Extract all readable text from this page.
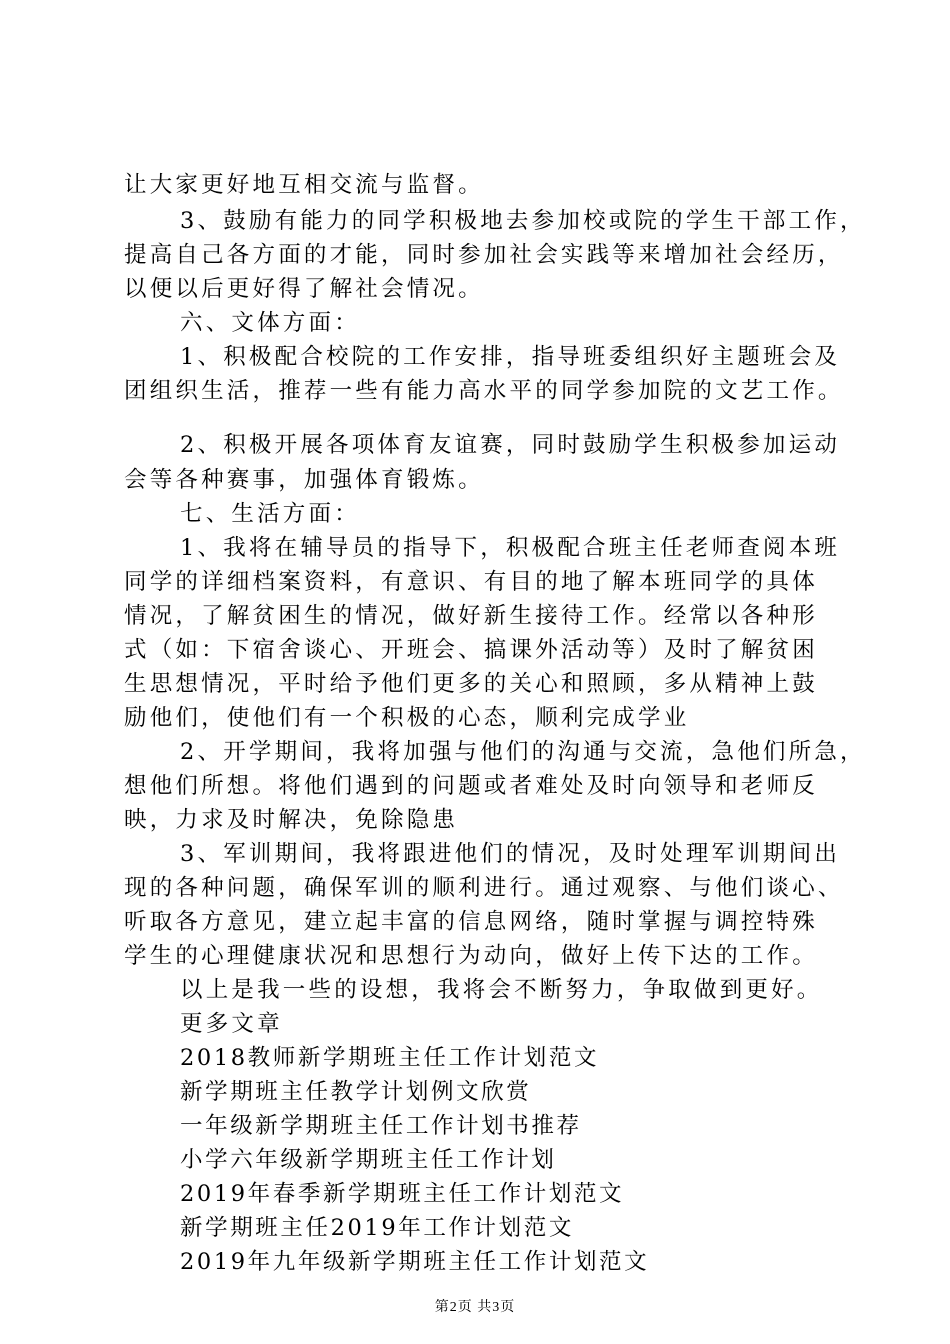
让大家更好地互相交流与监督。
3、鼓励有能力的同学积极地去参加校或院的学生干部工作，
提高自己各方面的才能，同时参加社会实践等来增加社会经历，
以便以后更好得了解社会情况。
六、文体方面：
1、积极配合校院的工作安排，指导班委组织好主题班会及
团组织生活，推荐一些有能力高水平的同学参加院的文艺工作。
2、积极开展各项体育友谊赛，同时鼓励学生积极参加运动
会等各种赛事，加强体育锻炼。
七、生活方面：
1、我将在辅导员的指导下，积极配合班主任老师查阅本班
同学的详细档案资料，有意识、有目的地了解本班同学的具体
情况，了解贫困生的情况，做好新生接待工作。经常以各种形
式（如：下宿舍谈心、开班会、搞课外活动等）及时了解贫困
生思想情况，平时给予他们更多的关心和照顾，多从精神上鼓
励他们，使他们有一个积极的心态，顺利完成学业
2、开学期间，我将加强与他们的沟通与交流，急他们所急，
想他们所想。将他们遇到的问题或者难处及时向领导和老师反
映，力求及时解决，免除隐患
3、军训期间，我将跟进他们的情况，及时处理军训期间出
现的各种问题，确保军训的顺利进行。通过观察、与他们谈心、
听取各方意见，建立起丰富的信息网络，随时掌握与调控特殊
学生的心理健康状况和思想行为动向，做好上传下达的工作。
以上是我一些的设想，我将会不断努力，争取做到更好。
更多文章
2018教师新学期班主任工作计划范文
新学期班主任教学计划例文欣赏
一年级新学期班主任工作计划书推荐
小学六年级新学期班主任工作计划
2019年春季新学期班主任工作计划范文
新学期班主任2019年工作计划范文
2019年九年级新学期班主任工作计划范文
第2页 共3页
